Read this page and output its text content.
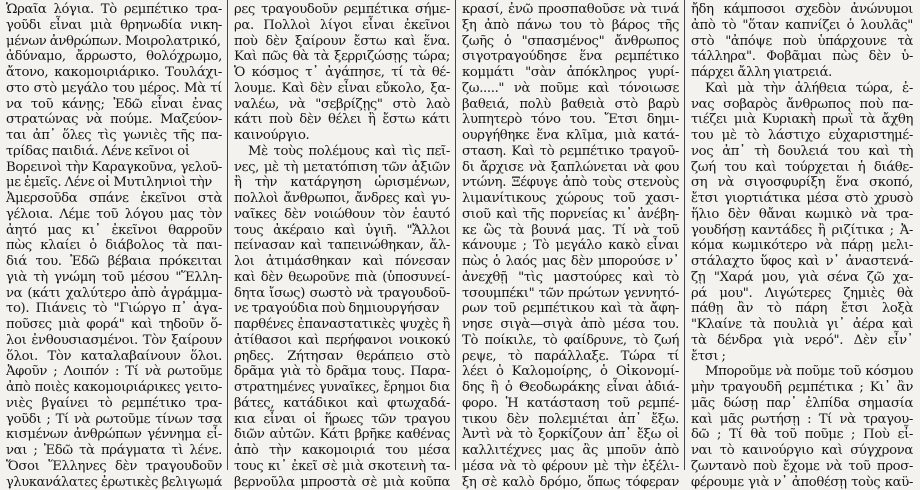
Ὡραῖα λόγια. Τὸ ρεμπέτικο τρα-
γοῦδι εἶναι μιὰ θρηνωδία νικη-
μένων ἀνθρώπων. Μοιρολατρικό,
ἀδύναμο, ἄρρωστο, θολόχρωμο,
ἄτονο, κακομοιριάρικο. Τουλάχι-
στο στὸ μεγάλο του μέρος. Μὰ τί
να τοῦ κάνῃς; Ἐδῶ εἶναι ἐνας
στρατώνας νὰ πούμε. Μαζεύον-
ται ἀπ᾽ ὅλες τὶς γωνιὲς τῆς πα-
τρίδας παιδιά. Λένε κεῖνοι οἱ
Βορεινοὶ τὴν Καραγκοῦνα, γελοῦ-
με ἐμεῖς. Λένε οἱ Μυτιληνιοὶ τὴν
Ἀμερσοῦδα σπάνε ἐκεῖνοι στὰ
γέλοια. Λέμε τοῦ λόγου μας τὸν
ἀητό μας κι᾽ ἐκεῖνοι θαρροῦν
πὼς κλαίει ὁ διάβολος τὰ παι-
διά του. Ἐδῶ βέβαια πρόκειται
γιὰ τὴ γνώμη τοῦ μέσου "Ἕλλη-
να (κάτι χαλύτερο ἀπὸ ἀγράμμα-
το). Πιάνεις τὸ "Γιώργο π᾽ ἀγα-
ποῦσες μιὰ φορά" καὶ τηδοῦν ὅ-
λοι ἐνθουσιασμένοι. Τὸν ξαίρουν
ὅλοι. Τὸν καταλαβαίνουν ὅλοι.
Ἀφοῦν ; Λοιπόν : Τί νὰ ρωτοῦμε
ἀπὸ ποιὲς κακομοιριάρικες γειτο-
νιὲς βγαίνει τὸ ρεμπέτικο τρα-
γοῦδι ; Τί νὰ ρωτοῦμε τίνων τσα
κισμένων ἀνθρώπων γέννημα εἶ-
ναι ; Ἐδῶ τὰ πράγματα τὶ λένε.
Ὅσοι Ἕλληνες δὲν τραγουδοῦν
γλυκανάλατες ἐρωτικὲς βελιγωμά
ρες τραγουδοῦν ρεμπέτικα σήμε-
ρα. Πολλοὶ λίγοι εἶναι ἐκεῖνοι
ποὺ δὲν ξαίρουν ἔστω καὶ ἕνα.
Καὶ πῶς θὰ τὰ ξερριζώσῃς τώρα;
Ὁ κόσμος τ᾽ ἀγάπησε, τί τὰ θέ-
λουμε. Καὶ δὲν εἶναι εὔκολο, ξα-
ναλέω, νὰ "σεβρίζῃς" στὸ λαὸ
κάτι ποὺ δὲν θέλει ἢ ἔστω κάτι
καινούργιο.
Μὲ τοὺς πολέμους καὶ τὶς πεῖ-
νες, μὲ τὴ μετατόπιση τῶν ἀξιῶν
ἢ τὴν κατάργηση ὡρισμένων,
πολλοὶ ἄνθρωποι, ἄνδρες καὶ γυ-
ναῖκες δὲν νοιώθουν τὸν ἑαυτό
τους ἀκέραιο καὶ ὑγιῆ. "Ἄλλοι
πείνασαν καὶ ταπεινώθηκαν, ἄλ-
λοι ἀτιμάσθηκαν καὶ πόνεσαν
καὶ δὲν θεωροῦνε πιὰ (ὑποσυνεί-
δητα ἴσως) σωστὸ νὰ τραγουδοῦ-
νε τραγούδια ποὺ δημιουργήσαν
παρθένες ἐπαναστατικὲς ψυχὲς ἢ
ἀτίθασοι καὶ περήφανοι νοικοκύ
ρηδες. Ζήτησαν θεράπειο στὸ
δρᾶμα γιὰ τὸ δρᾶμα τους. Παρα-
στρατημένες γυναῖκες, ἔρημοι δια
βάτες, κατάδικοι καὶ φτωχαδά-
κια εἶναι οἱ ἥρωες τῶν τραγου
διῶν αὐτῶν. Κάτι βρῆκε καθένας
ἀπὸ τὴν κακομοιριά του μέσα
τους κι᾽ ἐκεῖ σὲ μιὰ σκοτεινὴ τα-
βερνοῦλα μπροστὰ σὲ μιὰ κοῦπα
κρασί, ἐνῶ προσπαθοῦσε νὰ τινά
ξη ἀπὸ πάνω του τὸ βάρος τῆς
ζωῆς ὁ "σπασμένος" ἄνθρωπος
σιγοτραγούδησε ἕνα ρεμπέτικο
κομμάτι "σὰν ἀπόκληρος γυρί-
ζω....." νὰ ποῦμε καὶ τόνοιωσε
βαθειά, πολὺ βαθειὰ στὸ βαρὺ
λυπητερὸ τόνο του. Ἔτσι δημι-
ουργήθηκε ἕνα κλῖμα, μιὰ κατά-
σταση. Καὶ τὸ ρεμπέτικο τραγοῦ-
δι ἄρχισε νὰ ξαπλώνεται νὰ φου
ντώνη. Ξέφυγε ἀπὸ τοὺς στενοὺς
λιμανίτικους χώρους τοῦ χασι-
σιοῦ καὶ τῆς πορνείας κι᾽ ἀνέβη-
κε ὣς τὰ βουνά μας. Τί νὰ τοῦ
κάνουμε ; Τὸ μεγάλο κακὸ εἶναι
πὼς ὁ λαός μας δὲν μπορούσε ν᾽
ἀνεχθῇ "τὶς μαστούρες καὶ τὸ
τσουμπέκι" τῶν πρώτων γεννητό-
ρων τοῦ ρεμπέτικου καὶ τὰ ἄφη-
νησε σιγὰ—σιγὰ ἀπὸ μέσα του.
Τὸ ποίκιλε, τὸ φαίδρυνε, τὸ ζωή
ρεψε, τὸ παράλλαξε. Τώρα τί
λέει ὁ Καλομοίρης, ὁ Οἰκονομί-
δης ἢ ὁ Θεοδωράκης εἶναι ἀδιά-
φορο. Ἡ κατάσταση τοῦ ρεμπέ-
τικου δὲν πολεμιέται ἀπ᾽ ἔξω.
Ἀντὶ νὰ τὸ ξορκίζουν ἀπ᾽ ἔξω οἱ
καλλιτέχνες μας ἂς μποῦν ἀπὸ
μέσα νὰ τὸ φέρουν μὲ τὴν ἐξέλι-
ξη σὲ καλὸ δρόμο, ὅπως τόφεραν
ἤδη κάμποσοι σχεδὸν ἀνώνυμοι
ἀπὸ τὸ "ὅταν καπνίζει ὁ λουλᾶς"
στὸ "ἀπόψε ποὺ ὑπάρχουνε τὰ
τάλληρα". Φοβᾶμαι πὼς δὲν ὑ-
πάρχει ἄλλη γιατρειά.
Καὶ μὰ τὴν ἀλήθεια τώρα, ἐ-
νας σοβαρὸς ἄνθρωπος ποὺ πα-
τιέζει μιὰ Κυριακὴ πρωῒ τὰ ἄχθη
του μὲ τὸ λάστιχο εὐχαριστημέ-
νος ἀπ᾽ τὴ δουλειά του καὶ τὴ
ζωή του καὶ τούρχεται ἡ διάθε-
ση νὰ σιγοσφυρίξη ἕνα σκοπό,
ἔτσι γιορτιάτικα μέσα στὸ χρυσὸ
ἥλιο δὲν θἄναι κωμικὸ νὰ τρα-
γουδήσῃ καντάδες ἢ ριζίτικα ; Ἀ-
κόμα κωμικότερο νὰ πάρῃ μελι-
στάλαχτο ὕφος καὶ ν᾽ ἀναστενά-
ζῃ "Χαρά μου, γιὰ σένα ζῶ χα-
ρά μου". Λιγώτερες ζημιὲς θὰ
πάθῃ ἂν τὸ πάρη ἔτσι λοξὰ
"Κλαίνε τὰ πουλιὰ γι᾽ ἀέρα καὶ
τὰ δένδρα γιὰ νερό". Δὲν εἶν᾽
ἔτσι ;
Μποροῦμε νὰ ποῦμε τοῦ κόσμου
μὴν τραγουδῆ ρεμπέτικα ; Κι᾽ ἂν
μᾶς δώσῃ παρ᾽ ἐλπίδα σημασία
καὶ μᾶς ρωτήσῃ : Τί νὰ τραγου-
δῶ ; Τί θὰ τοῦ ποῦμε ; Ποὺ εἶ-
ναι τὸ καινούργιο καὶ σύγχρονα
ζωντανὸ ποὺ ἔχομε νὰ τοῦ προσ-
φέρουμε γιὰ ν᾽ ἀποθέσῃ τοὺς καϋ-
